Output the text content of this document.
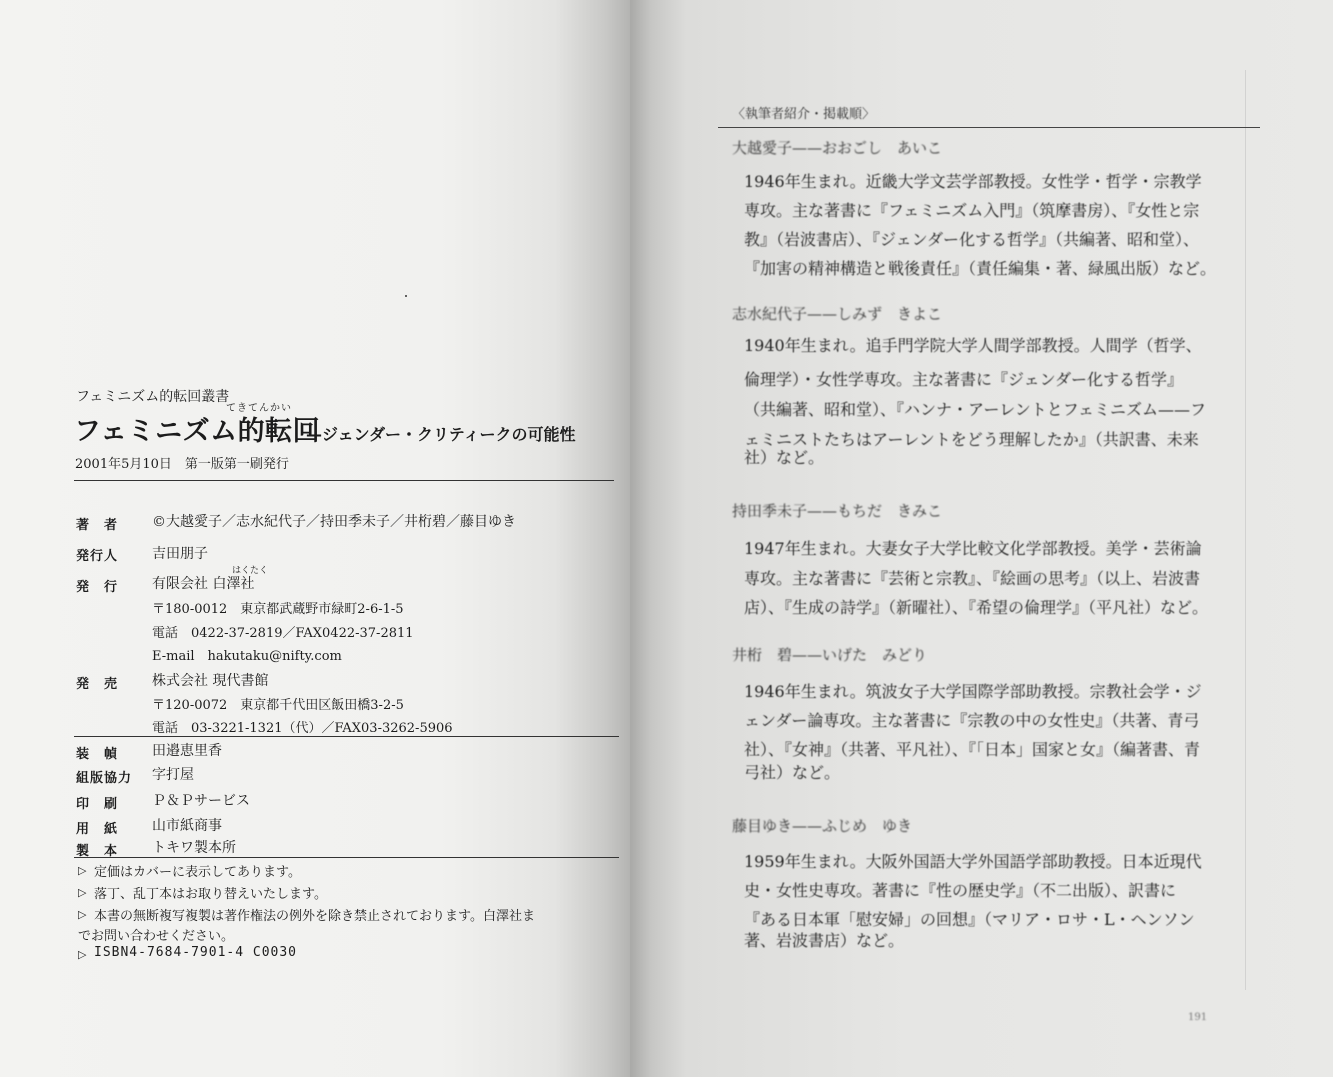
フェミニズム的転回叢書
フェミニズム的転回
てきてんかい
—ジェンダー・クリティークの可能性
2001年5月10日　第一版第一刷発行
著　者 ©大越愛子／志水紀代子／持田季未子／井桁碧／藤目ゆき
発行人 吉田朋子
発　行 有限会社 白澤社
はくたく
〒180-0012　東京都武蔵野市緑町2-6-1-5
電話　0422-37-2819／FAX0422-37-2811
E-mail　hakutaku@nifty.com
発　売 株式会社 現代書館
〒120-0072　東京都千代田区飯田橋3-2-5
電話　03-3221-1321（代）／FAX03-3262-5906
装　幀 田邉恵里香
組版協力 字打屋
印　刷 Ｐ＆Ｐサービス
用　紙 山市紙商事
製　本 トキワ製本所
▷ 定価はカバーに表示してあります。
▷ 落丁、乱丁本はお取り替えいたします。
▷ 本書の無断複写複製は著作権法の例外を除き禁止されております。白澤社ま
でお問い合わせください。
▷ ISBN4-7684-7901-4 C0030
〈執筆者紹介・掲載順〉
大越愛子——おおごし　あいこ
1946年生まれ。近畿大学文芸学部教授。女性学・哲学・宗教学
専攻。主な著書に『フェミニズム入門』（筑摩書房）、『女性と宗
教』（岩波書店）、『ジェンダー化する哲学』（共編著、昭和堂）、
『加害の精神構造と戦後責任』（責任編集・著、緑風出版）など。
志水紀代子——しみず　きよこ
1940年生まれ。追手門学院大学人間学部教授。人間学（哲学、
倫理学）・女性学専攻。主な著書に『ジェンダー化する哲学』
（共編著、昭和堂）、『ハンナ・アーレントとフェミニズム——フ
ェミニストたちはアーレントをどう理解したか』（共訳書、未来
社）など。
持田季未子——もちだ　きみこ
1947年生まれ。大妻女子大学比較文化学部教授。美学・芸術論
専攻。主な著書に『芸術と宗教』、『絵画の思考』（以上、岩波書
店）、『生成の詩学』（新曜社）、『希望の倫理学』（平凡社）など。
井桁　碧——いげた　みどり
1946年生まれ。筑波女子大学国際学部助教授。宗教社会学・ジ
ェンダー論専攻。主な著書に『宗教の中の女性史』（共著、青弓
社）、『女神』（共著、平凡社）、『「日本」国家と女』（編著書、青
弓社）など。
藤目ゆき——ふじめ　ゆき
1959年生まれ。大阪外国語大学外国語学部助教授。日本近現代
史・女性史専攻。著書に『性の歴史学』（不二出版）、訳書に
『ある日本軍「慰安婦」の回想』（マリア・ロサ・L・ヘンソン
著、岩波書店）など。
191
